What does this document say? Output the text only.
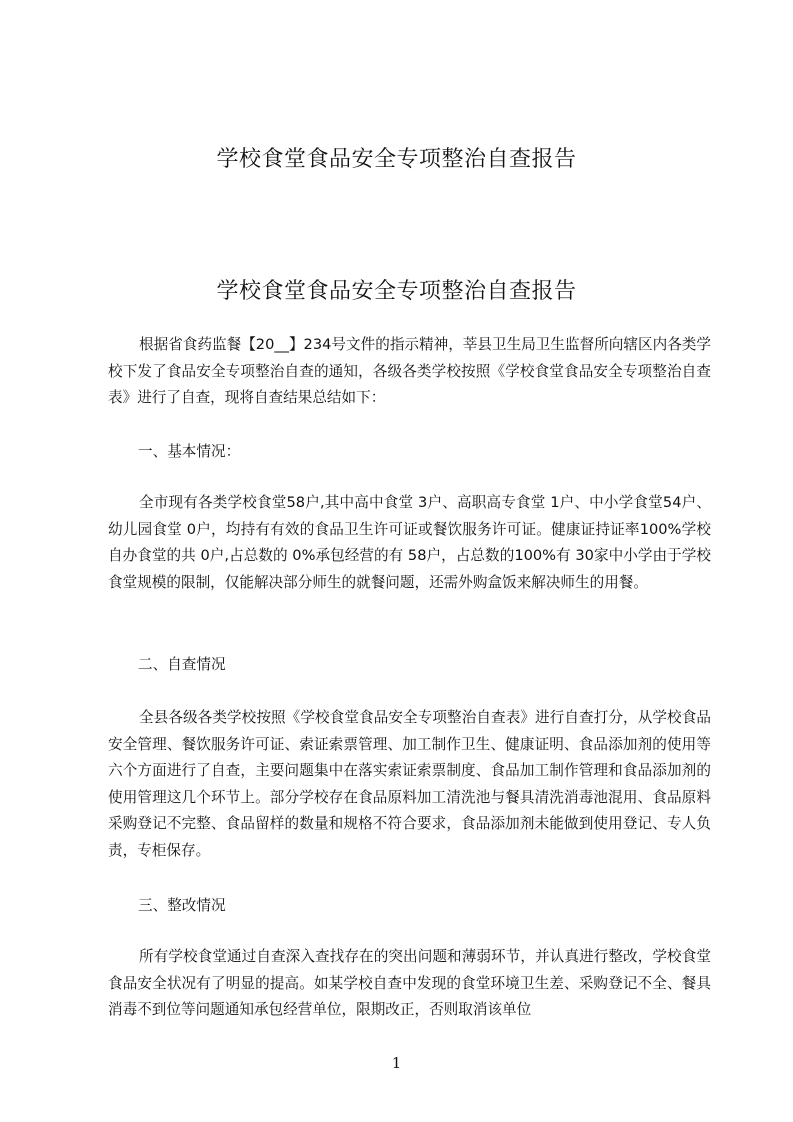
学校食堂食品安全专项整治自查报告
学校食堂食品安全专项整治自查报告

根据省食药监餐【20__】234号文件的指示精神，莘县卫生局卫生监督所向辖区内各类学校下发了食品安全专项整治自查的通知，各级各类学校按照《学校食堂食品安全专项整治自查表》进行了自查，现将自查结果总结如下：

一、基本情况：

全市现有各类学校食堂58户,其中高中食堂 3户、高职高专食堂 1户、中小学食堂54户、幼儿园食堂 0户，均持有有效的食品卫生许可证或餐饮服务许可证。健康证持证率100%学校自办食堂的共 0户,占总数的 0%承包经营的有 58户，占总数的100%有 30家中小学由于学校食堂规模的限制，仅能解决部分师生的就餐问题，还需外购盒饭来解决师生的用餐。

二、自查情况

全县各级各类学校按照《学校食堂食品安全专项整治自查表》进行自查打分，从学校食品安全管理、餐饮服务许可证、索证索票管理、加工制作卫生、健康证明、食品添加剂的使用等六个方面进行了自查，主要问题集中在落实索证索票制度、食品加工制作管理和食品添加剂的使用管理这几个环节上。部分学校存在食品原料加工清洗池与餐具清洗消毒池混用、食品原料采购登记不完整、食品留样的数量和规格不符合要求，食品添加剂未能做到使用登记、专人负责，专柜保存。

三、整改情况

所有学校食堂通过自查深入查找存在的突出问题和薄弱环节，并认真进行整改，学校食堂食品安全状况有了明显的提高。如某学校自查中发现的食堂环境卫生差、采购登记不全、餐具消毒不到位等问题通知承包经营单位，限期改正，否则取消该单位

1
